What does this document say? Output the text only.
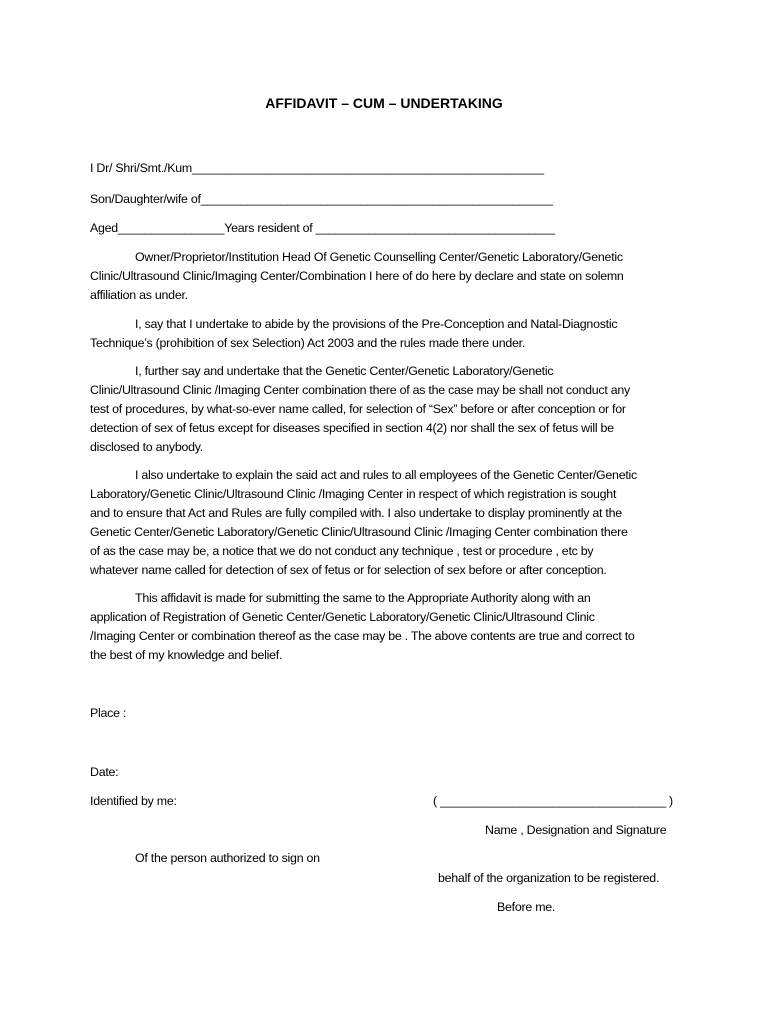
AFFIDAVIT – CUM – UNDERTAKING
I Dr/ Shri/Smt./Kum_____________________________________________________
Son/Daughter/wife of_____________________________________________________
Aged________________Years resident of ____________________________________
Owner/Proprietor/Institution Head Of Genetic Counselling Center/Genetic Laboratory/Genetic
Clinic/Ultrasound Clinic/Imaging Center/Combination I here of do here by declare and state on solemn
affiliation as under.
I, say that I undertake to abide by the provisions of the Pre-Conception and Natal-Diagnostic
Technique’s (prohibition of sex Selection) Act 2003 and the rules made there under.
I, further say and undertake that the Genetic Center/Genetic Laboratory/Genetic
Clinic/Ultrasound Clinic /Imaging Center combination there of as the case may be shall not conduct any
test of procedures, by what-so-ever name called, for selection of “Sex” before or after conception or for
detection of sex of fetus except for diseases specified in section 4(2) nor shall the sex of fetus will be
disclosed to anybody.
I also undertake to explain the said act and rules to all employees of the Genetic Center/Genetic
Laboratory/Genetic Clinic/Ultrasound Clinic /Imaging Center in respect of which registration is sought
and to ensure that Act and Rules are fully compiled with. I also undertake to display prominently at the
Genetic Center/Genetic Laboratory/Genetic Clinic/Ultrasound Clinic /Imaging Center combination there
of as the case may be, a notice that we do not conduct any technique , test or procedure , etc by
whatever name called for detection of sex of fetus or for selection of sex before or after conception.
This affidavit is made for submitting the same to the Appropriate Authority along with an
application of Registration of Genetic Center/Genetic Laboratory/Genetic Clinic/Ultrasound Clinic
/Imaging Center or combination thereof as the case may be . The above contents are true and correct to
the best of my knowledge and belief.
Place :
Date:
Identified by me:	( __________________________________ )
Name , Designation and Signature
Of the person authorized to sign on
behalf of the organization to be registered.
Before me.
